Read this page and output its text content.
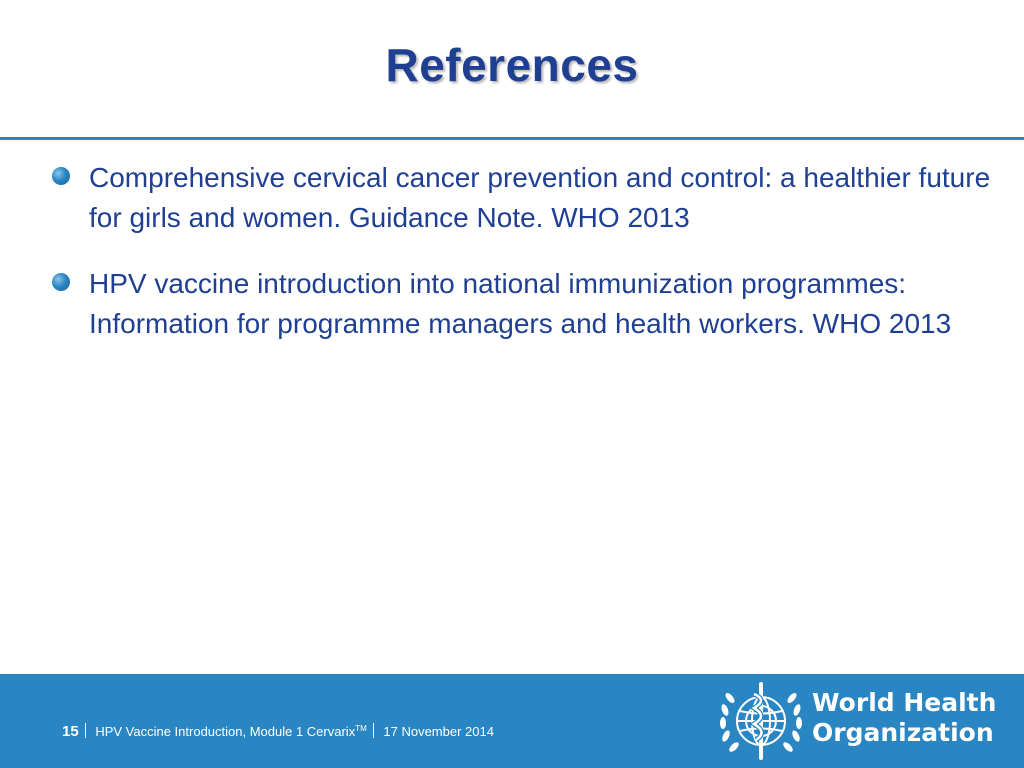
References
Comprehensive cervical cancer prevention and control: a healthier future for girls and women. Guidance Note. WHO 2013
HPV vaccine introduction into national immunization programmes: Information for programme managers and health workers. WHO 2013
15 HPV Vaccine Introduction, Module 1 Cervarix™ 17 November 2014
World Health
Organization
